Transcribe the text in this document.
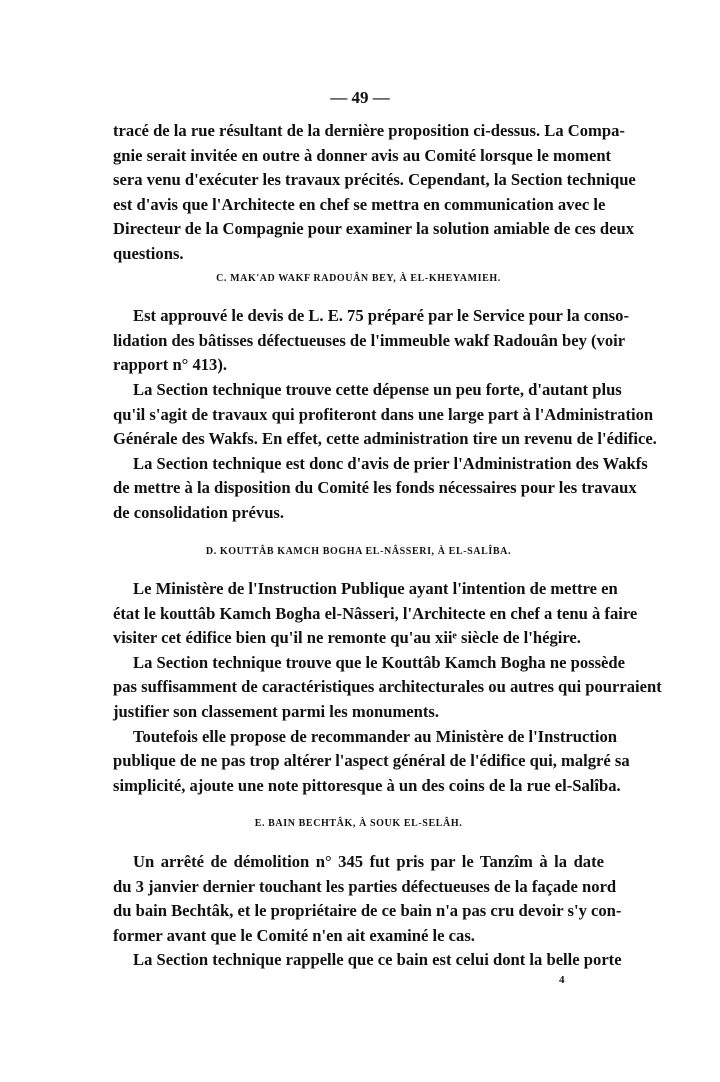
— 49 —
tracé de la rue résultant de la dernière proposition ci-dessus. La Compa-
gnie serait invitée en outre à donner avis au Comité lorsque le moment
sera venu d'exécuter les travaux précités. Cependant, la Section technique
est d'avis que l'Architecte en chef se mettra en communication avec le
Directeur de la Compagnie pour examiner la solution amiable de ces deux
questions.
C. MAK'AD WAKF RADOUÂN BEY, À EL-KHEYAMIEH.
Est approuvé le devis de L. E. 75 préparé par le Service pour la conso-
lidation des bâtisses défectueuses de l'immeuble wakf Radouân bey (voir
rapport n° 413).
La Section technique trouve cette dépense un peu forte, d'autant plus
qu'il s'agit de travaux qui profiteront dans une large part à l'Administration
Générale des Wakfs. En effet, cette administration tire un revenu de l'édifice.
La Section technique est donc d'avis de prier l'Administration des Wakfs
de mettre à la disposition du Comité les fonds nécessaires pour les travaux
de consolidation prévus.
D. KOUTTÂB KAMCH BOGHA EL-NÂSSERI, À EL-SALÎBA.
Le Ministère de l'Instruction Publique ayant l'intention de mettre en
état le kouttâb Kamch Bogha el-Nâsseri, l'Architecte en chef a tenu à faire
visiter cet édifice bien qu'il ne remonte qu'au xiiᵉ siècle de l'hégire.
La Section technique trouve que le Kouttâb Kamch Bogha ne possède
pas suffisamment de caractéristiques architecturales ou autres qui pourraient
justifier son classement parmi les monuments.
Toutefois elle propose de recommander au Ministère de l'Instruction
publique de ne pas trop altérer l'aspect général de l'édifice qui, malgré sa
simplicité, ajoute une note pittoresque à un des coins de la rue el-Salîba.
E. BAIN BECHTÂK, À SOUK EL-SELÂH.
Un arrêté de démolition n° 345 fut pris par le Tanzîm à la date
du 3 janvier dernier touchant les parties défectueuses de la façade nord
du bain Bechtâk, et le propriétaire de ce bain n'a pas cru devoir s'y con-
former avant que le Comité n'en ait examiné le cas.
La Section technique rappelle que ce bain est celui dont la belle porte
4
